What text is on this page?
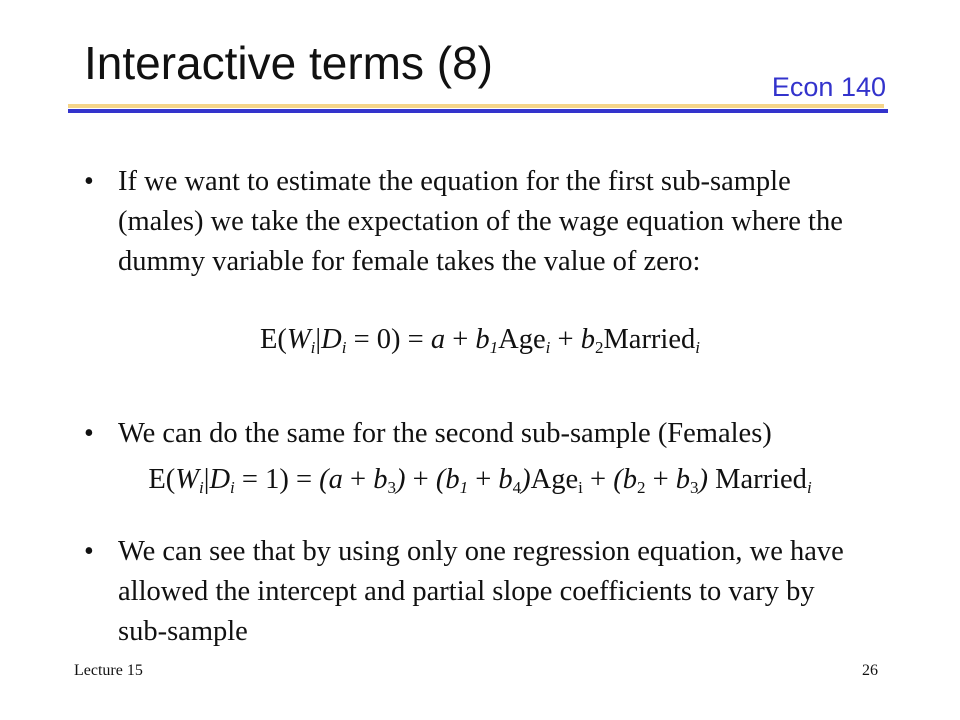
Interactive terms (8)	Econ 140
• If we want to estimate the equation for the first sub-sample (males) we take the expectation of the wage equation where the dummy variable for female takes the value of zero:
$E(W_i|D_i = 0) = a + b_1Age_i$ + $b_2Married_i$
• We can do the same for the second sub-sample (Females)
$E(W_i|D_i = 1) = (a + b_3) + (b_1 + b_4)Age_i + (b_2 + b_3)$ Married$_i$
• We can see that by using only one regression equation, we have allowed the intercept and partial slope coefficients to vary by sub-sample
Lecture 15	26
